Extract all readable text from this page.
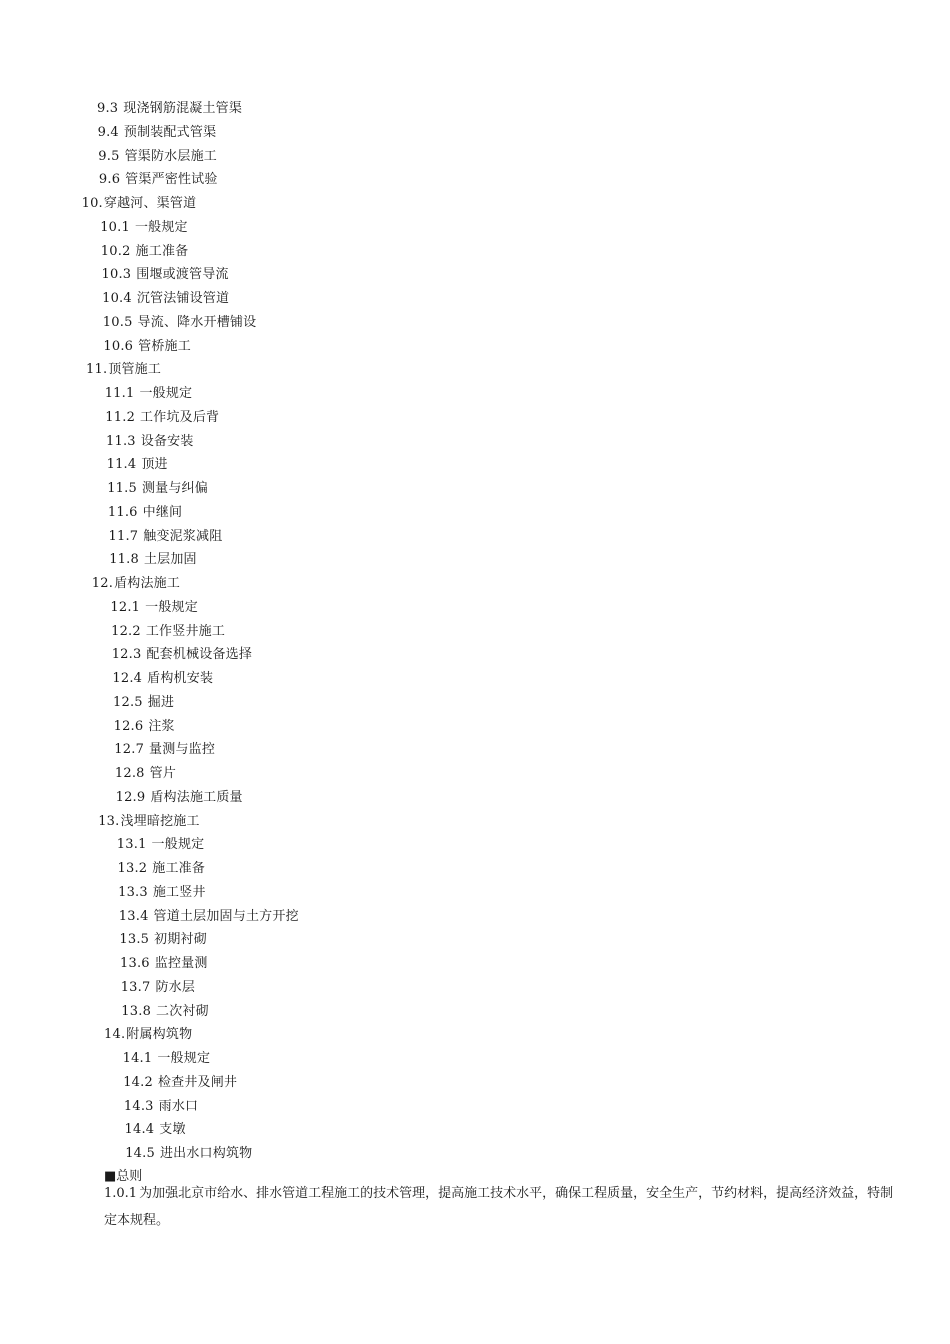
9.3 现浇钢筋混凝土管渠
9.4 预制装配式管渠
9.5 管渠防水层施工
9.6 管渠严密性试验
10.穿越河、渠管道
10.1 一般规定
10.2 施工准备
10.3 围堰或渡管导流
10.4 沉管法铺设管道
10.5 导流、降水开槽铺设
10.6 管桥施工
11.顶管施工
11.1 一般规定
11.2 工作坑及后背
11.3 设备安装
11.4 顶进
11.5 测量与纠偏
11.6 中继间
11.7 触变泥浆减阻
11.8 土层加固
12.盾构法施工
12.1 一般规定
12.2 工作竖井施工
12.3 配套机械设备选择
12.4 盾构机安装
12.5 掘进
12.6 注浆
12.7 量测与监控
12.8 管片
12.9 盾构法施工质量
13.浅埋暗挖施工
13.1 一般规定
13.2 施工准备
13.3 施工竖井
13.4 管道土层加固与土方开挖
13.5 初期衬砌
13.6 监控量测
13.7 防水层
13.8 二次衬砌
14.附属构筑物
14.1 一般规定
14.2 检查井及闸井
14.3 雨水口
14.4 支墩
14.5 进出水口构筑物
■总则
1.0.1 为加强北京市给水、排水管道工程施工的技术管理，提高施工技术水平，确保工程质量，安全生产，节约材料，提高经济效益，特制定本规程。
